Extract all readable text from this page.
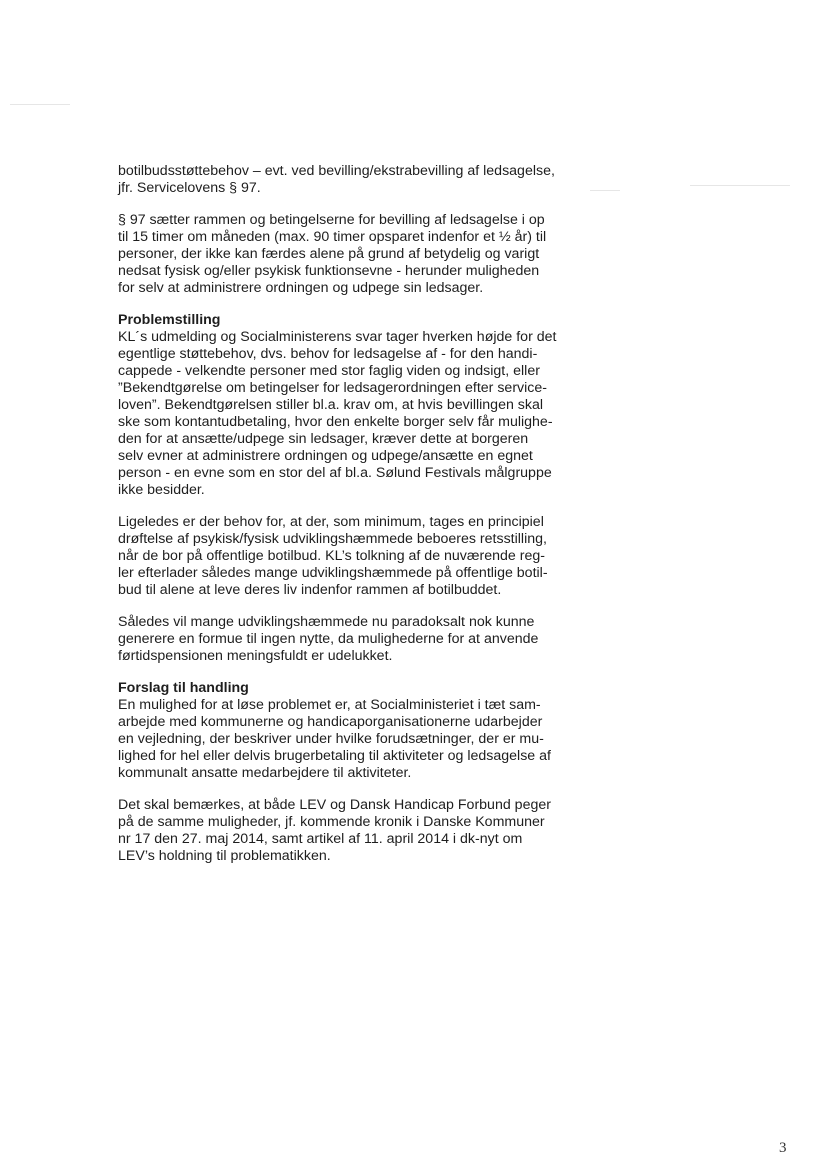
botilbudsstøttebehov – evt. ved bevilling/ekstrabevilling af ledsagelse,
jfr. Servicelovens § 97.
§ 97 sætter rammen og betingelserne for bevilling af ledsagelse i op
til 15 timer om måneden (max. 90 timer opsparet indenfor et ½ år) til
personer, der ikke kan færdes alene på grund af betydelig og varigt
nedsat fysisk og/eller psykisk funktionsevne - herunder muligheden
for selv at administrere ordningen og udpege sin ledsager.
Problemstilling
KL´s udmelding og Socialministerens svar tager hverken højde for det
egentlige støttebehov, dvs. behov for ledsagelse af - for den handi-
cappede - velkendte personer med stor faglig viden og indsigt, eller
”Bekendtgørelse om betingelser for ledsagerordningen efter service-
loven”. Bekendtgørelsen stiller bl.a. krav om, at hvis bevillingen skal
ske som kontantudbetaling, hvor den enkelte borger selv får mulighe-
den for at ansætte/udpege sin ledsager, kræver dette at borgeren
selv evner at administrere ordningen og udpege/ansætte en egnet
person - en evne som en stor del af bl.a. Sølund Festivals målgruppe
ikke besidder.
Ligeledes er der behov for, at der, som minimum, tages en principiel
drøftelse af psykisk/fysisk udviklingshæmmede beboeres retsstilling,
når de bor på offentlige botilbud. KL’s tolkning af de nuværende reg-
ler efterlader således mange udviklingshæmmede på offentlige botil-
bud til alene at leve deres liv indenfor rammen af botilbuddet.
Således vil mange udviklingshæmmede nu paradoksalt nok kunne
generere en formue til ingen nytte, da mulighederne for at anvende
førtidspensionen meningsfuldt er udelukket.
Forslag til handling
En mulighed for at løse problemet er, at Socialministeriet i tæt sam-
arbejde med kommunerne og handicaporganisationerne udarbejder
en vejledning, der beskriver under hvilke forudsætninger, der er mu-
lighed for hel eller delvis brugerbetaling til aktiviteter og ledsagelse af
kommunalt ansatte medarbejdere til aktiviteter.
Det skal bemærkes, at både LEV og Dansk Handicap Forbund peger
på de samme muligheder, jf. kommende kronik i Danske Kommuner
nr 17 den 27. maj 2014, samt artikel af 11. april 2014 i dk-nyt om
LEV’s holdning til problematikken.
3
